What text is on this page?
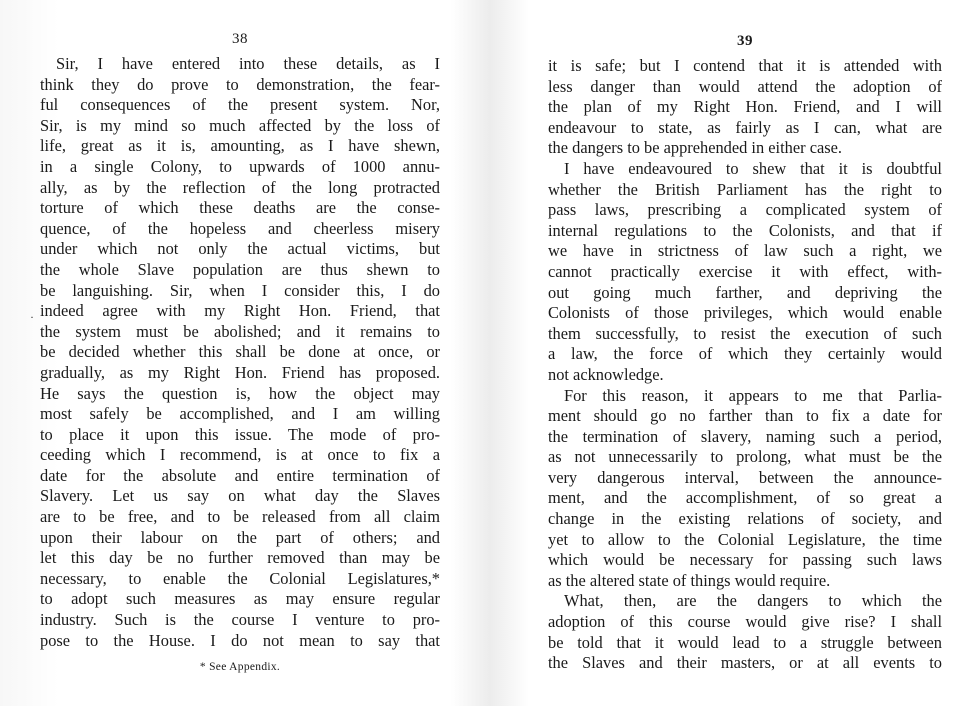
·
38
Sir, I have entered into these details, as I
think they do prove to demonstration, the fear-
ful consequences of the present system. Nor,
Sir, is my mind so much affected by the loss of
life, great as it is, amounting, as I have shewn,
in a single Colony, to upwards of 1000 annu-
ally, as by the reflection of the long protracted
torture of which these deaths are the conse-
quence, of the hopeless and cheerless misery
under which not only the actual victims, but
the whole Slave population are thus shewn to
be languishing. Sir, when I consider this, I do
indeed agree with my Right Hon. Friend, that
the system must be abolished; and it remains to
be decided whether this shall be done at once, or
gradually, as my Right Hon. Friend has proposed.
He says the question is, how the object may
most safely be accomplished, and I am willing
to place it upon this issue. The mode of pro-
ceeding which I recommend, is at once to fix a
date for the absolute and entire termination of
Slavery. Let us say on what day the Slaves
are to be free, and to be released from all claim
upon their labour on the part of others; and
let this day be no further removed than may be
necessary, to enable the Colonial Legislatures,*
to adopt such measures as may ensure regular
industry. Such is the course I venture to pro-
pose to the House. I do not mean to say that
* See Appendix.
39
it is safe; but I contend that it is attended with
less danger than would attend the adoption of
the plan of my Right Hon. Friend, and I will
endeavour to state, as fairly as I can, what are
the dangers to be apprehended in either case.
I have endeavoured to shew that it is doubtful
whether the British Parliament has the right to
pass laws, prescribing a complicated system of
internal regulations to the Colonists, and that if
we have in strictness of law such a right, we
cannot practically exercise it with effect, with-
out going much farther, and depriving the
Colonists of those privileges, which would enable
them successfully, to resist the execution of such
a law, the force of which they certainly would
not acknowledge.
For this reason, it appears to me that Parlia-
ment should go no farther than to fix a date for
the termination of slavery, naming such a period,
as not unnecessarily to prolong, what must be the
very dangerous interval, between the announce-
ment, and the accomplishment, of so great a
change in the existing relations of society, and
yet to allow to the Colonial Legislature, the time
which would be necessary for passing such laws
as the altered state of things would require.
What, then, are the dangers to which the
adoption of this course would give rise? I shall
be told that it would lead to a struggle between
the Slaves and their masters, or at all events to
